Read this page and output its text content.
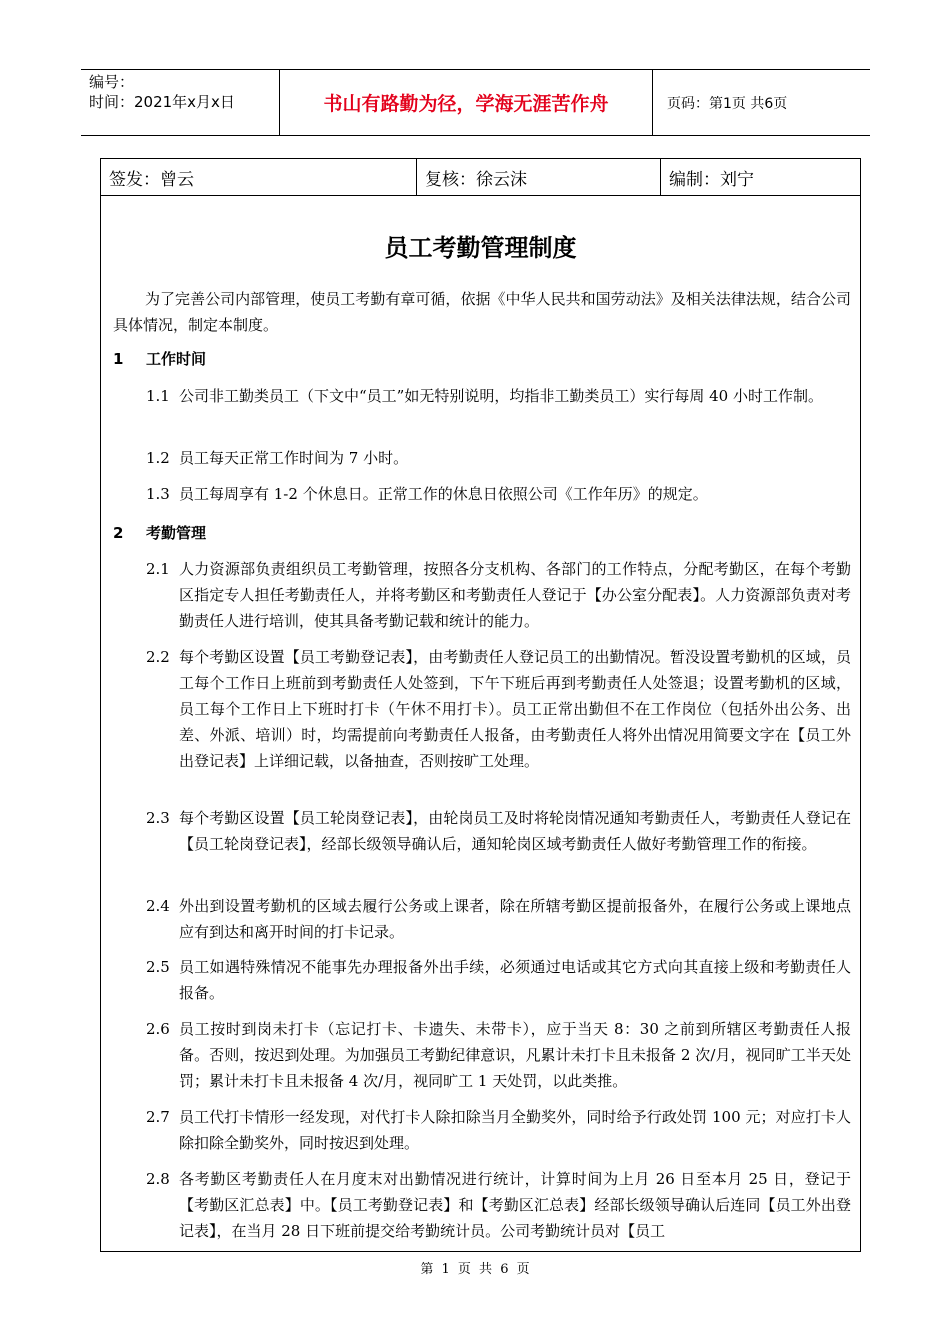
编号：
时间：2021年x月x日	书山有路勤为径，学海无涯苦作舟	页码：第1页 共6页
签发：曾云	复核：徐云沫	编制：刘宁
员工考勤管理制度
为了完善公司内部管理，使员工考勤有章可循，依据《中华人民共和国劳动法》及相关法律法规，结合公司具体情况，制定本制度。
1 工作时间
1.1 公司非工勤类员工（下文中“员工”如无特别说明，均指非工勤类员工）实行每周 40 小时工作制。
1.2 员工每天正常工作时间为 7 小时。
1.3 员工每周享有 1-2 个休息日。正常工作的休息日依照公司《工作年历》的规定。
2 考勤管理
2.1 人力资源部负责组织员工考勤管理，按照各分支机构、各部门的工作特点，分配考勤区，在每个考勤区指定专人担任考勤责任人，并将考勤区和考勤责任人登记于【办公室分配表】。人力资源部负责对考勤责任人进行培训，使其具备考勤记载和统计的能力。
2.2 每个考勤区设置【员工考勤登记表】，由考勤责任人登记员工的出勤情况。暂没设置考勤机的区域，员工每个工作日上班前到考勤责任人处签到，下午下班后再到考勤责任人处签退；设置考勤机的区域，员工每个工作日上下班时打卡（午休不用打卡）。员工正常出勤但不在工作岗位（包括外出公务、出差、外派、培训）时，均需提前向考勤责任人报备，由考勤责任人将外出情况用简要文字在【员工外出登记表】上详细记载，以备抽查，否则按旷工处理。
2.3 每个考勤区设置【员工轮岗登记表】，由轮岗员工及时将轮岗情况通知考勤责任人，考勤责任人登记在【员工轮岗登记表】，经部长级领导确认后，通知轮岗区域考勤责任人做好考勤管理工作的衔接。
2.4 外出到设置考勤机的区域去履行公务或上课者，除在所辖考勤区提前报备外，在履行公务或上课地点应有到达和离开时间的打卡记录。
2.5 员工如遇特殊情况不能事先办理报备外出手续，必须通过电话或其它方式向其直接上级和考勤责任人报备。
2.6 员工按时到岗未打卡（忘记打卡、卡遗失、未带卡），应于当天 8：30 之前到所辖区考勤责任人报备。否则，按迟到处理。为加强员工考勤纪律意识，凡累计未打卡且未报备 2 次/月，视同旷工半天处罚；累计未打卡且未报备 4 次/月，视同旷工 1 天处罚，以此类推。
2.7 员工代打卡情形一经发现，对代打卡人除扣除当月全勤奖外，同时给予行政处罚 100 元；对应打卡人除扣除全勤奖外，同时按迟到处理。
2.8 各考勤区考勤责任人在月度末对出勤情况进行统计，计算时间为上月 26 日至本月 25 日，登记于【考勤区汇总表】中。【员工考勤登记表】和【考勤区汇总表】经部长级领导确认后连同【员工外出登记表】，在当月 28 日下班前提交给考勤统计员。公司考勤统计员对【员工
第 1 页 共 6 页
